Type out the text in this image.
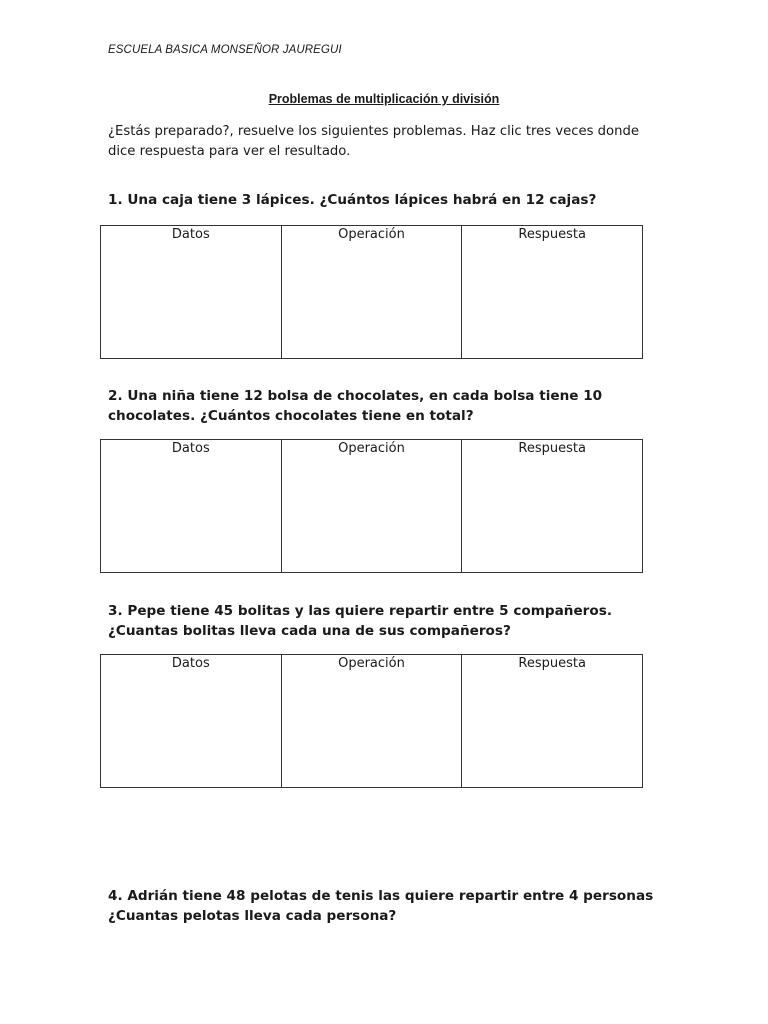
ESCUELA BASICA MONSEÑOR JAUREGUI
Problemas de multiplicación y división
¿Estás preparado?, resuelve los siguientes problemas. Haz clic tres veces donde dice respuesta para ver el resultado.
1. Una caja tiene 3 lápices. ¿Cuántos lápices habrá en 12 cajas?
Datos	Operación	Respuesta
2. Una niña tiene 12 bolsa de chocolates, en cada bolsa tiene 10 chocolates. ¿Cuántos chocolates tiene en total?
Datos	Operación	Respuesta
3. Pepe tiene 45 bolitas y las quiere repartir entre 5 compañeros. ¿Cuantas bolitas lleva cada una de sus compañeros?
Datos	Operación	Respuesta
4. Adrián tiene 48 pelotas de tenis las quiere repartir entre 4 personas ¿Cuantas pelotas lleva cada persona?
